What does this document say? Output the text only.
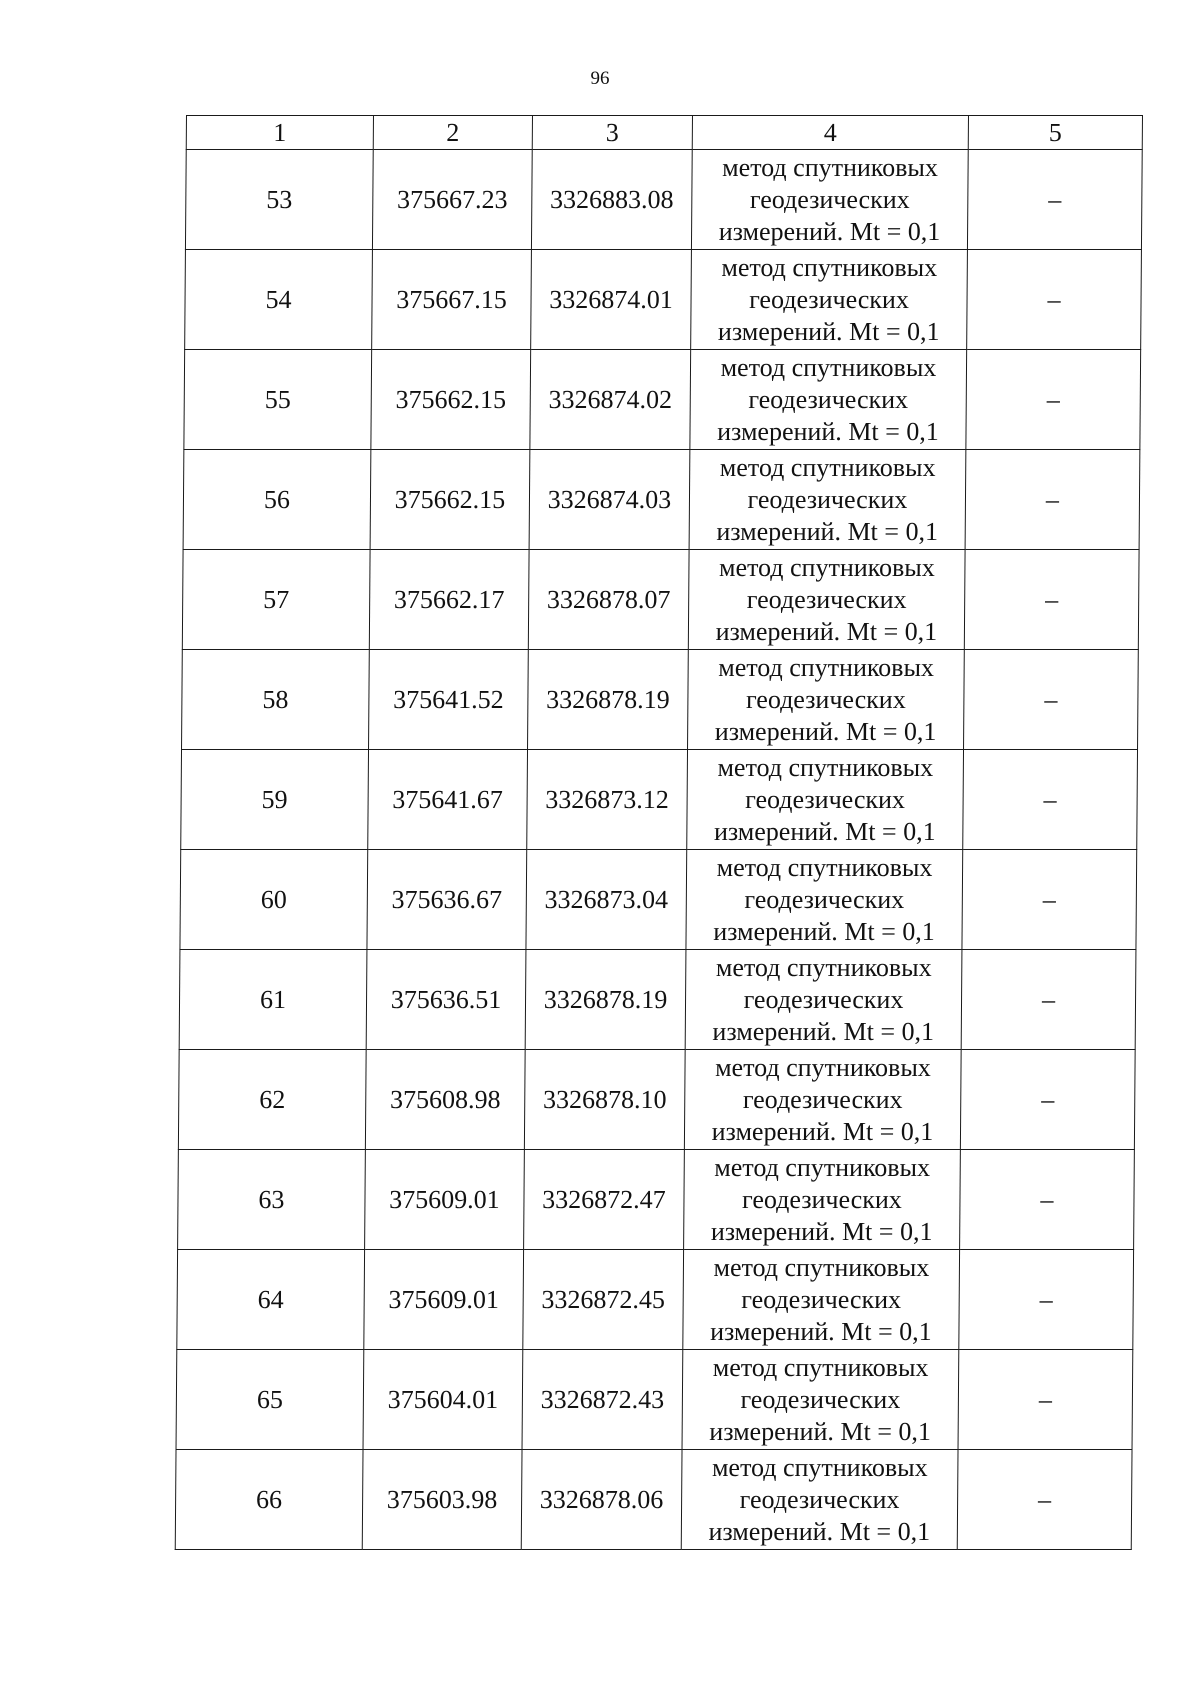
96
1	2	3	4	5
53	375667.23	3326883.08	метод спутниковых
геодезических
измерений. Mt = 0,1	–
54	375667.15	3326874.01	метод спутниковых
геодезических
измерений. Mt = 0,1	–
55	375662.15	3326874.02	метод спутниковых
геодезических
измерений. Mt = 0,1	–
56	375662.15	3326874.03	метод спутниковых
геодезических
измерений. Mt = 0,1	–
57	375662.17	3326878.07	метод спутниковых
геодезических
измерений. Mt = 0,1	–
58	375641.52	3326878.19	метод спутниковых
геодезических
измерений. Mt = 0,1	–
59	375641.67	3326873.12	метод спутниковых
геодезических
измерений. Mt = 0,1	–
60	375636.67	3326873.04	метод спутниковых
геодезических
измерений. Mt = 0,1	–
61	375636.51	3326878.19	метод спутниковых
геодезических
измерений. Mt = 0,1	–
62	375608.98	3326878.10	метод спутниковых
геодезических
измерений. Mt = 0,1	–
63	375609.01	3326872.47	метод спутниковых
геодезических
измерений. Mt = 0,1	–
64	375609.01	3326872.45	метод спутниковых
геодезических
измерений. Mt = 0,1	–
65	375604.01	3326872.43	метод спутниковых
геодезических
измерений. Mt = 0,1	–
66	375603.98	3326878.06	метод спутниковых
геодезических
измерений. Mt = 0,1	–
